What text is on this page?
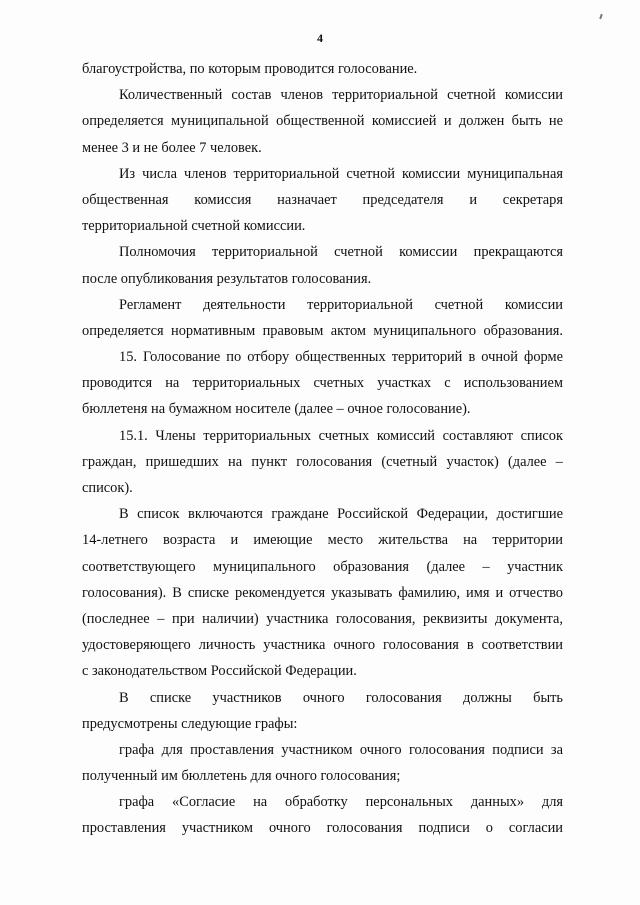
4
благоустройства, по которым проводится голосование.
Количественный состав членов территориальной счетной комиссии
определяется муниципальной общественной комиссией и должен быть не
менее 3 и не более 7 человек.
Из числа членов территориальной счетной комиссии муниципальная
общественная комиссия назначает председателя и секретаря
территориальной счетной комиссии.
Полномочия территориальной счетной комиссии прекращаются
после опубликования результатов голосования.
Регламент деятельности территориальной счетной комиссии
определяется нормативным правовым актом муниципального образования.
15. Голосование по отбору общественных территорий в очной форме
проводится на территориальных счетных участках с использованием
бюллетеня на бумажном носителе (далее – очное голосование).
15.1. Члены территориальных счетных комиссий составляют список
граждан, пришедших на пункт голосования (счетный участок) (далее –
список).
В список включаются граждане Российской Федерации, достигшие
14-летнего возраста и имеющие место жительства на территории
соответствующего муниципального образования (далее – участник
голосования). В списке рекомендуется указывать фамилию, имя и отчество
(последнее – при наличии) участника голосования, реквизиты документа,
удостоверяющего личность участника очного голосования в соответствии
с законодательством Российской Федерации.
В списке участников очного голосования должны быть
предусмотрены следующие графы:
графа для проставления участником очного голосования подписи за
полученный им бюллетень для очного голосования;
графа «Согласие на обработку персональных данных» для
проставления участником очного голосования подписи о согласии
